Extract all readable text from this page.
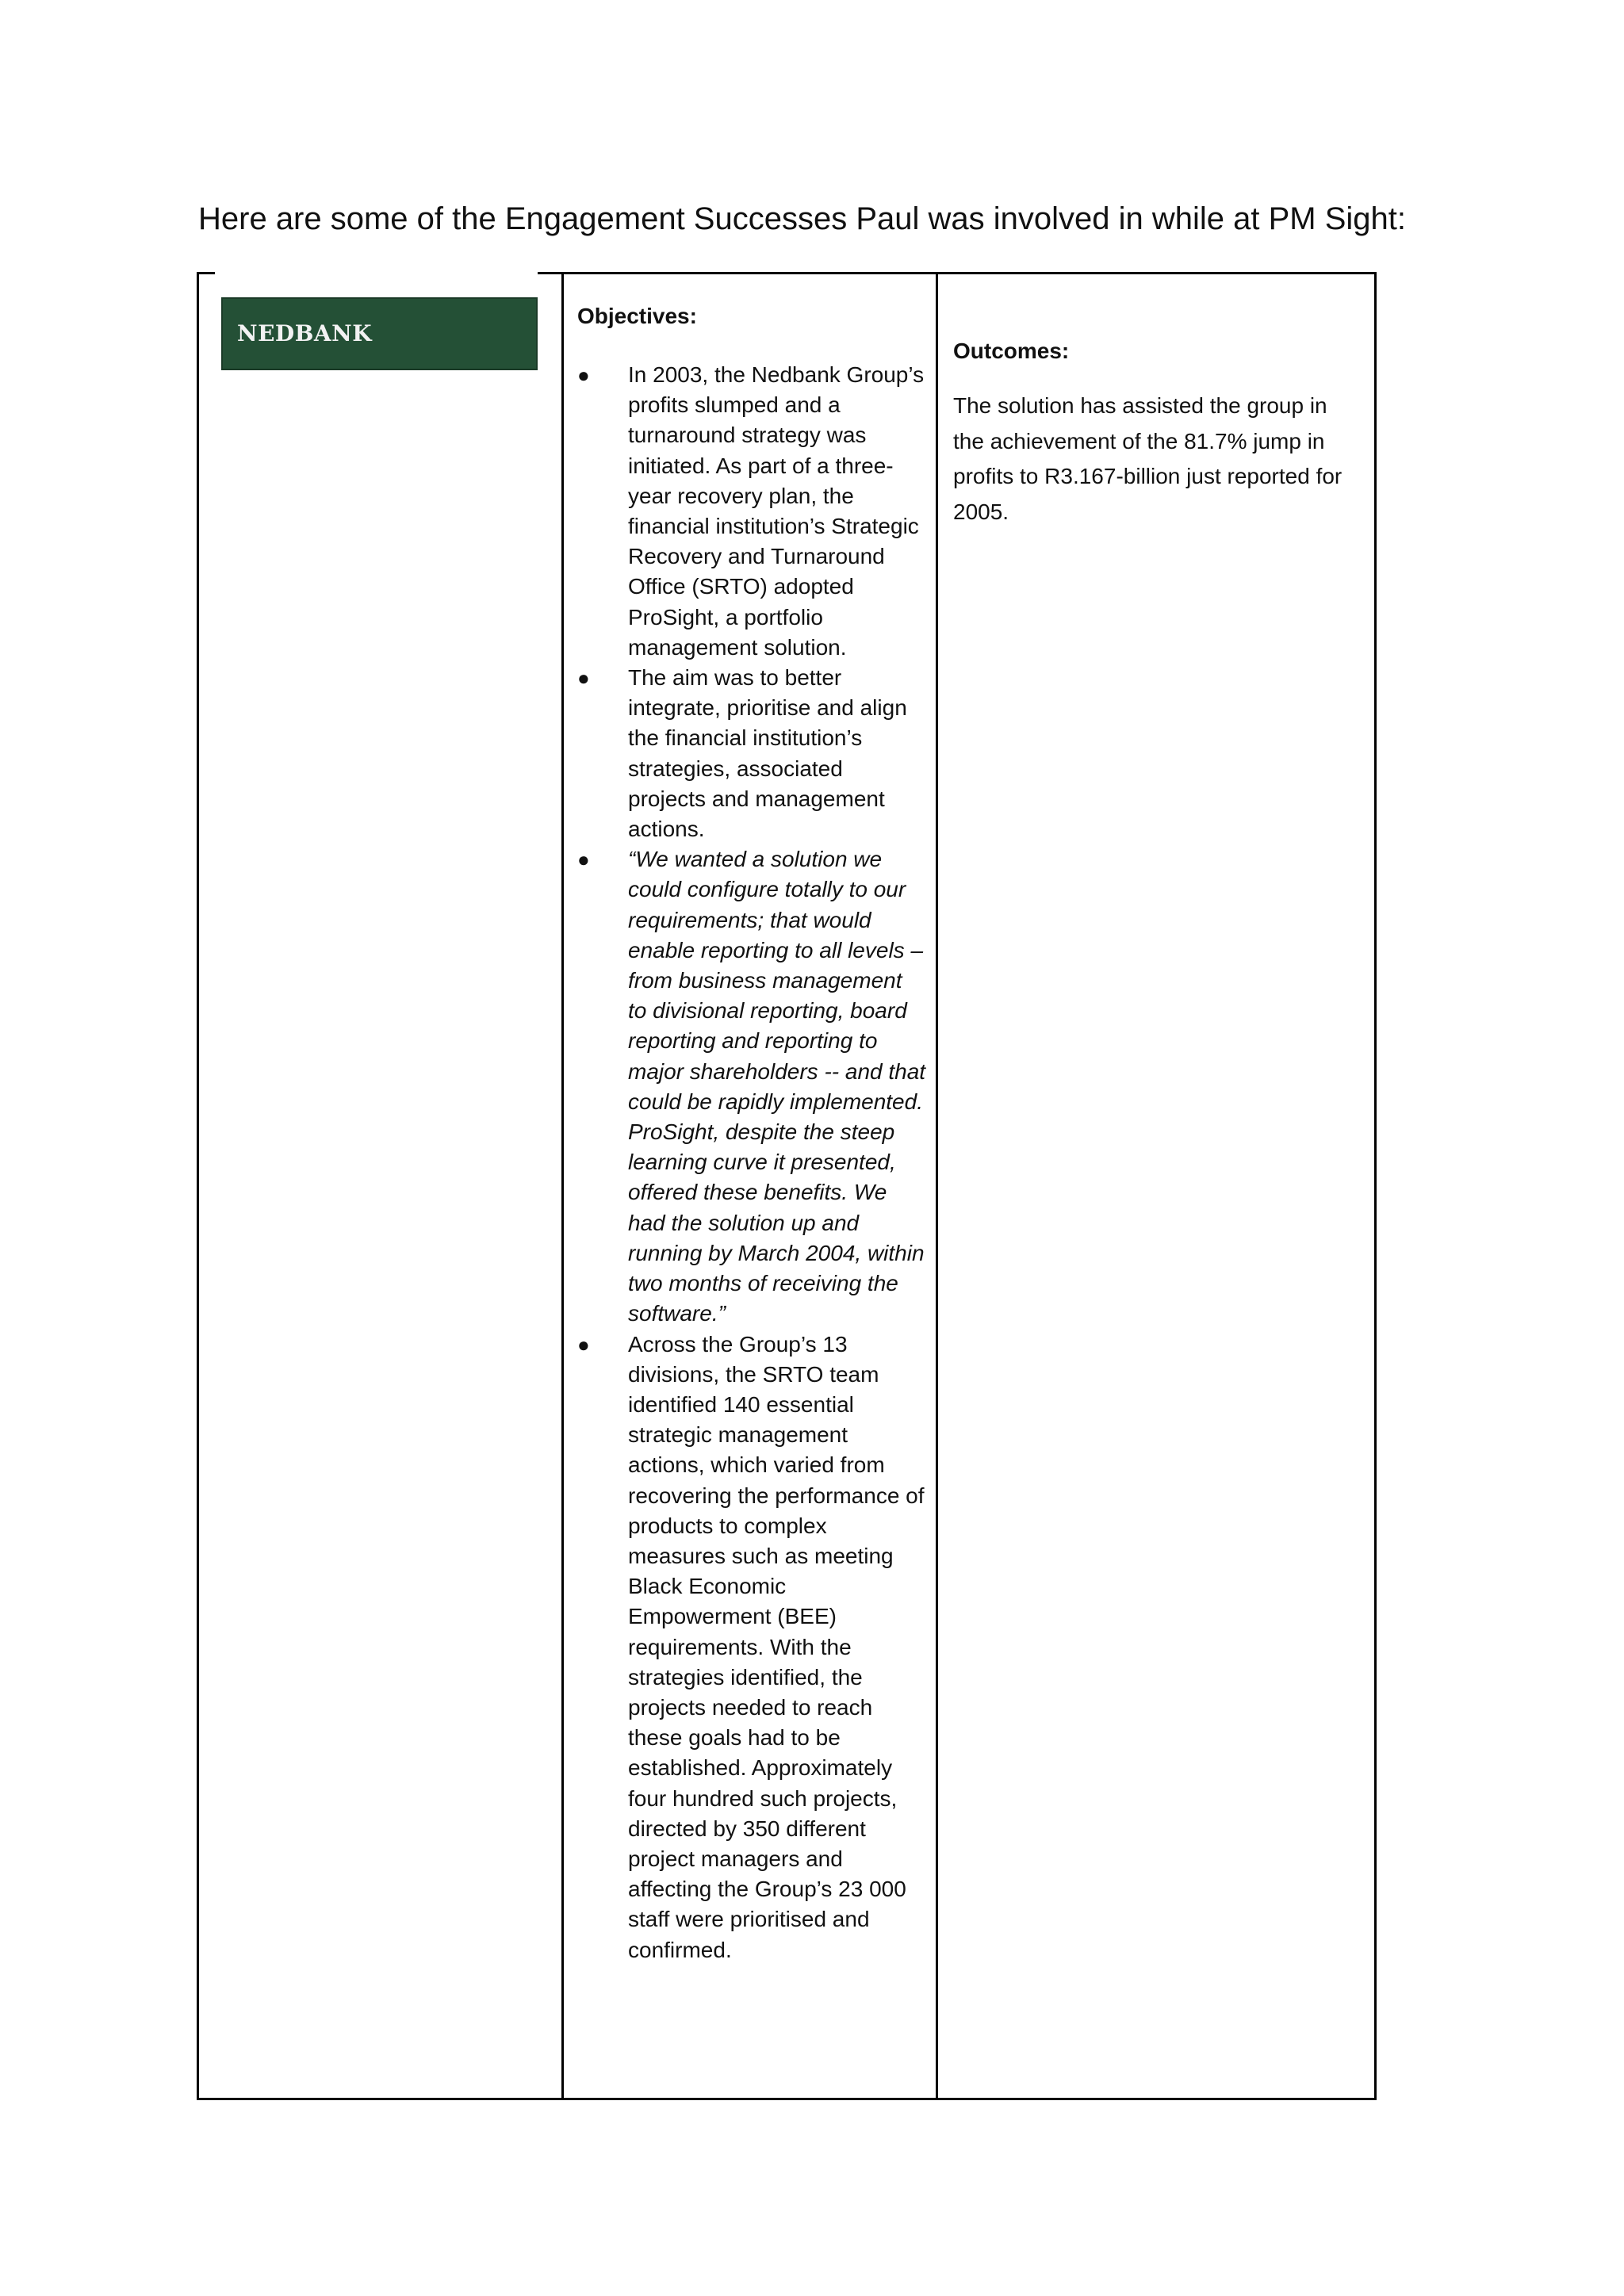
Here are some of the Engagement Successes Paul was involved in while at PM Sight:
NEDBANK
Objectives:
● In 2003, the Nedbank Group’s profits slumped and a turnaround strategy was initiated. As part of a three-year recovery plan, the financial institution’s Strategic Recovery and Turnaround Office (SRTO) adopted ProSight, a portfolio management solution.
● The aim was to better integrate, prioritise and align the financial institution’s strategies, associated projects and management actions.
● “We wanted a solution we could configure totally to our requirements; that would enable reporting to all levels – from business management to divisional reporting, board reporting and reporting to major shareholders -- and that could be rapidly implemented. ProSight, despite the steep learning curve it presented, offered these benefits. We had the solution up and running by March 2004, within two months of receiving the software.”
● Across the Group’s 13 divisions, the SRTO team identified 140 essential strategic management actions, which varied from recovering the performance of products to complex measures such as meeting Black Economic Empowerment (BEE) requirements. With the strategies identified, the projects needed to reach these goals had to be established. Approximately four hundred such projects, directed by 350 different project managers and affecting the Group’s 23 000 staff were prioritised and confirmed.
Outcomes:

The solution has assisted the group in the achievement of the 81.7% jump in profits to R3.167-billion just reported for 2005.
